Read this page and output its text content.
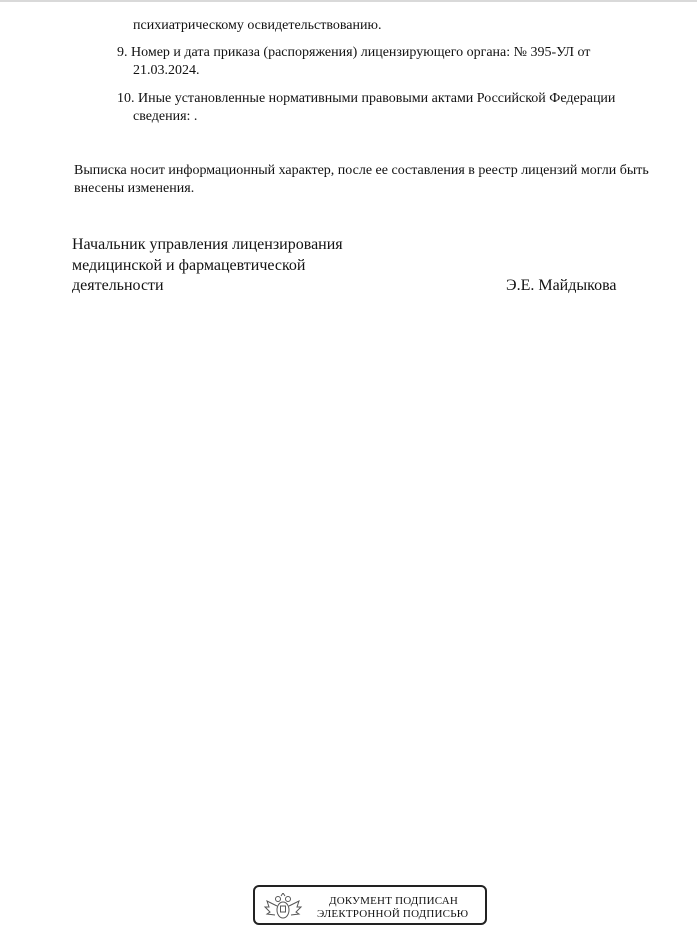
психиатрическому освидетельствованию.
9. Номер и дата приказа (распоряжения) лицензирующего органа: № 395-УЛ от
21.03.2024.
10. Иные установленные нормативными правовыми актами Российской Федерации
сведения: .
Выписка носит информационный характер, после ее составления в реестр лицензий могли быть
внесены изменения.
Начальник управления лицензирования
медицинской и фармацевтической
деятельности	Э.Е. Майдыкова
ДОКУМЕНТ ПОДПИСАН
ЭЛЕКТРОННОЙ ПОДПИСЬЮ
